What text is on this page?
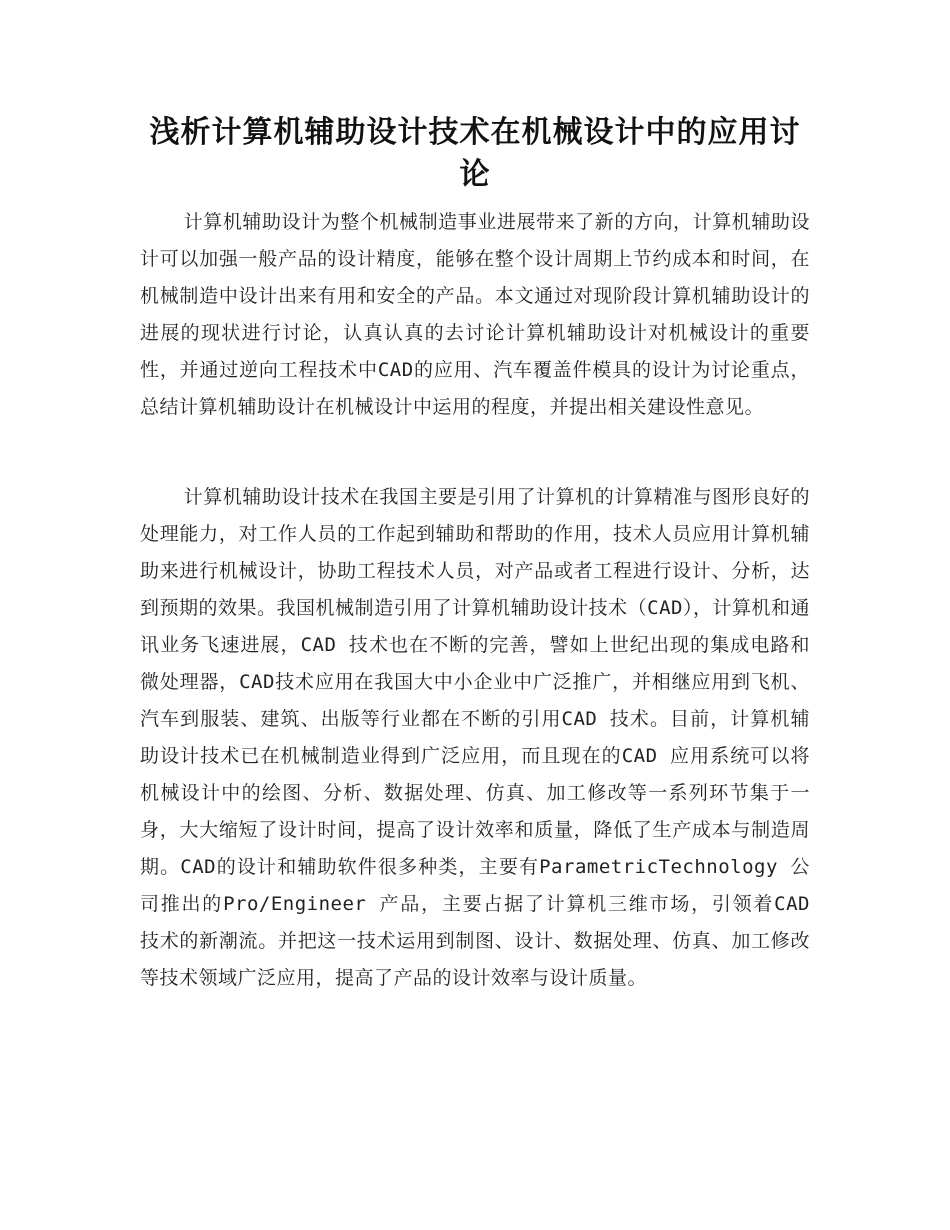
浅析计算机辅助设计技术在机械设计中的应用讨论

计算机辅助设计为整个机械制造事业进展带来了新的方向，计算机辅助设计可以加强一般产品的设计精度，能够在整个设计周期上节约成本和时间，在机械制造中设计出来有用和安全的产品。本文通过对现阶段计算机辅助设计的进展的现状进行讨论，认真认真的去讨论计算机辅助设计对机械设计的重要性，并通过逆向工程技术中CAD的应用、汽车覆盖件模具的设计为讨论重点，总结计算机辅助设计在机械设计中运用的程度，并提出相关建设性意见。

计算机辅助设计技术在我国主要是引用了计算机的计算精准与图形良好的处理能力，对工作人员的工作起到辅助和帮助的作用，技术人员应用计算机辅助来进行机械设计，协助工程技术人员，对产品或者工程进行设计、分析，达到预期的效果。我国机械制造引用了计算机辅助设计技术（CAD），计算机和通讯业务飞速进展，CAD 技术也在不断的完善，譬如上世纪出现的集成电路和微处理器，CAD技术应用在我国大中小企业中广泛推广，并相继应用到飞机、汽车到服装、建筑、出版等行业都在不断的引用CAD 技术。目前，计算机辅助设计技术已在机械制造业得到广泛应用，而且现在的CAD 应用系统可以将机械设计中的绘图、分析、数据处理、仿真、加工修改等一系列环节集于一身，大大缩短了设计时间，提高了设计效率和质量，降低了生产成本与制造周期。CAD的设计和辅助软件很多种类，主要有ParametricTechnology 公司推出的Pro/Engineer 产品，主要占据了计算机三维市场，引领着CAD 技术的新潮流。并把这一技术运用到制图、设计、数据处理、仿真、加工修改等技术领域广泛应用，提高了产品的设计效率与设计质量。
